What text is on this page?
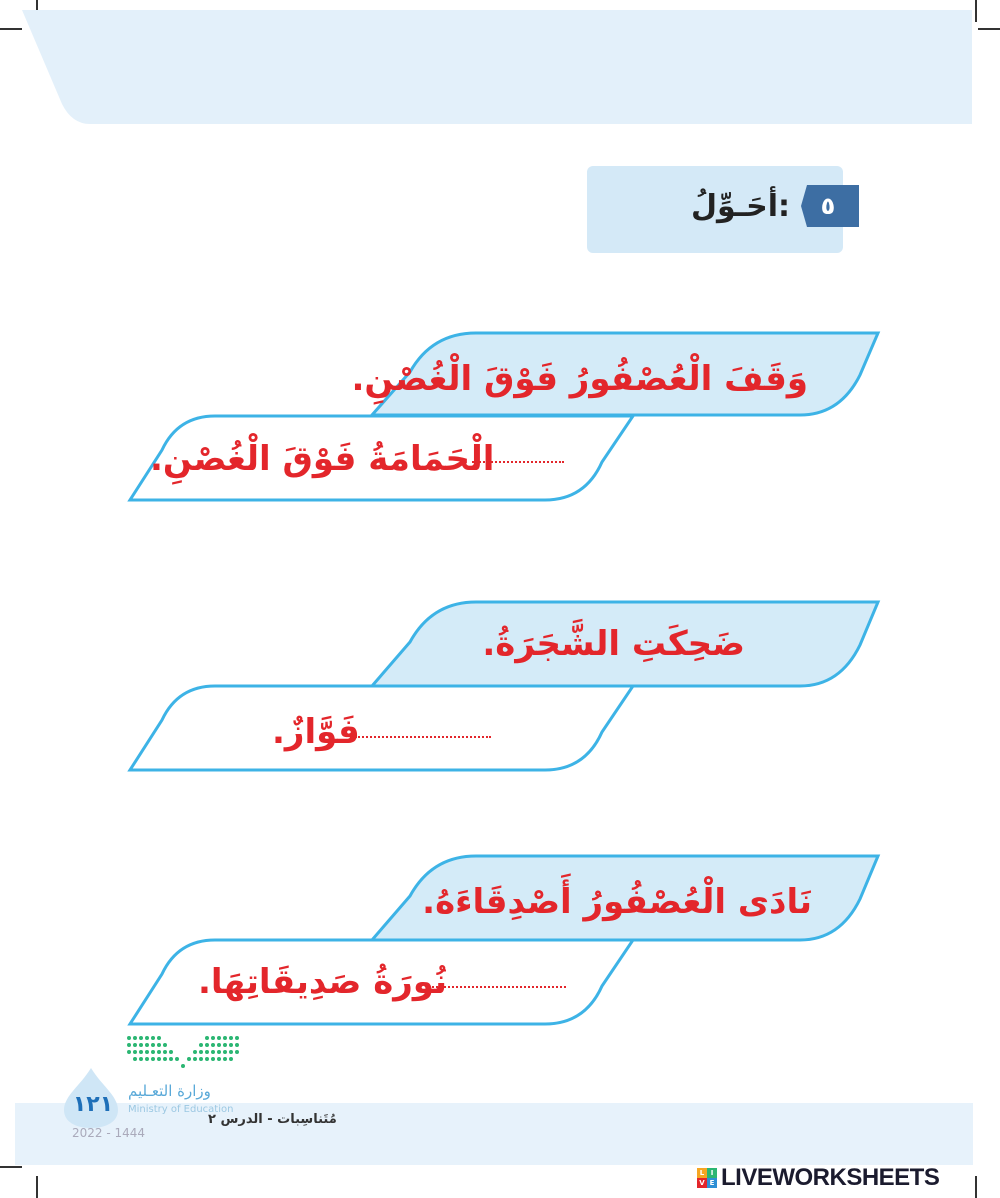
٥
أحَـوِّلُ:
وَقَفَ الْعُصْفُورُ فَوْقَ الْغُصْنِ.
الْحَمَامَةُ فَوْقَ الْغُصْنِ.
ضَحِكَتِ الشَّجَرَةُ.
فَوَّازٌ.
نَادَى الْعُصْفُورُ أَصْدِقَاءَهُ.
نُورَةُ صَدِيقَاتِهَا.
١٢١
وزارة التعـليم
Ministry of Education
2022 - 1444
مُتَناسِبات - الدرس ٢
L I
V E LIVEWORKSHEETS
